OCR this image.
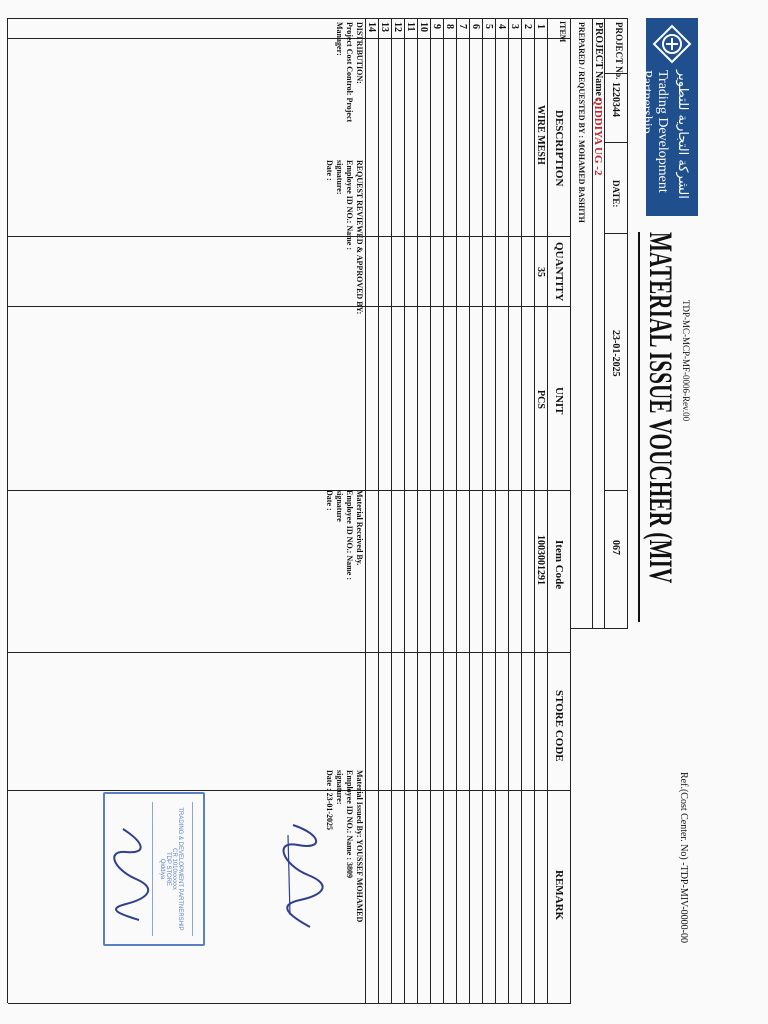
الشركة التجارية للتطوير
Trading Development Partnership
TDP-MC-MCP-MF-0006-Rev.00
MATERIAL ISSUE VOUCHER (MIV
Ref.(Cost Center. No) -TDP-MIV-0000-00
PROJECT No.
1220344
DATE:
23-01-2025
067
PROJECT Name :
QIDDIYA UG -2
PREPARED / REQUESTED BY : MOHAMED BASHITH
ITEM
DESCRIPTION
QUANTITY
UNIT
Item Code
STORE CODE
REMARK
1
2
3
4
5
6
7
8
9
10
11
12
13
14
WIRE MESH
35
PCS
1003001291
DISTRIBUTION:
Project Cost Control: Project
Manager:
REQUEST REVIEWED & APPROVED BY:
Employee ID NO.: Name :
signature:
Date :
Material Received By.
Employee ID NO.: Name :
signature
Date :
Material Issued By: YOUSSEF MOHAMED
Employee ID NO.: Name : 3809
signature:
Date : 23-01-2025
TRADING & DEVELOPMENT PARTNERSHIP
CR 1010xxxxxx
TDP STORE
Qiddiya
